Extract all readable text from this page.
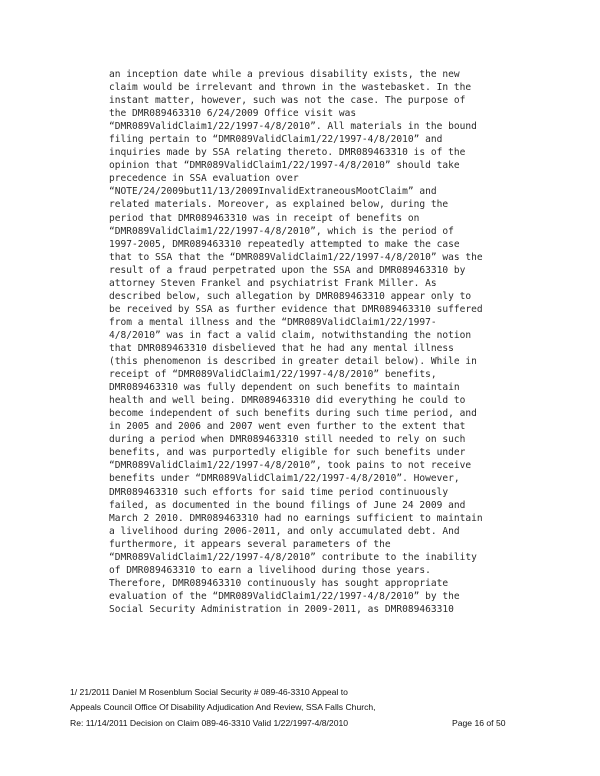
an inception date while a previous disability exists, the new
claim would be irrelevant and thrown in the wastebasket. In the
instant matter, however, such was not the case. The purpose of
the DMR089463310 6/24/2009 Office visit was
“DMR089ValidClaim1/22/1997-4/8/2010”. All materials in the bound
filing pertain to “DMR089ValidClaim1/22/1997-4/8/2010” and
inquiries made by SSA relating thereto. DMR089463310 is of the
opinion that “DMR089ValidClaim1/22/1997-4/8/2010” should take
precedence in SSA evaluation over
“NOTE/24/2009but11/13/2009InvalidExtraneousMootClaim” and
related materials. Moreover, as explained below, during the
period that DMR089463310 was in receipt of benefits on
“DMR089ValidClaim1/22/1997-4/8/2010”, which is the period of
1997-2005, DMR089463310 repeatedly attempted to make the case
that to SSA that the “DMR089ValidClaim1/22/1997-4/8/2010” was the
result of a fraud perpetrated upon the SSA and DMR089463310 by
attorney Steven Frankel and psychiatrist Frank Miller. As
described below, such allegation by DMR089463310 appear only to
be received by SSA as further evidence that DMR089463310 suffered
from a mental illness and the “DMR089ValidClaim1/22/1997-
4/8/2010” was in fact a valid claim, notwithstanding the notion
that DMR089463310 disbelieved that he had any mental illness
(this phenomenon is described in greater detail below). While in
receipt of “DMR089ValidClaim1/22/1997-4/8/2010” benefits,
DMR089463310 was fully dependent on such benefits to maintain
health and well being. DMR089463310 did everything he could to
become independent of such benefits during such time period, and
in 2005 and 2006 and 2007 went even further to the extent that
during a period when DMR089463310 still needed to rely on such
benefits, and was purportedly eligible for such benefits under
“DMR089ValidClaim1/22/1997-4/8/2010”, took pains to not receive
benefits under “DMR089ValidClaim1/22/1997-4/8/2010”. However,
DMR089463310 such efforts for said time period continuously
failed, as documented in the bound filings of June 24 2009 and
March 2 2010. DMR089463310 had no earnings sufficient to maintain
a livelihood during 2006-2011, and only accumulated debt. And
furthermore, it appears several parameters of the
“DMR089ValidClaim1/22/1997-4/8/2010” contribute to the inability
of DMR089463310 to earn a livelihood during those years.
Therefore, DMR089463310 continuously has sought appropriate
evaluation of the “DMR089ValidClaim1/22/1997-4/8/2010” by the
Social Security Administration in 2009-2011, as DMR089463310
1/ 21/2011 Daniel M Rosenblum Social Security # 089-46-3310 Appeal to
Appeals Council Office Of Disability Adjudication And Review, SSA Falls Church,
Re: 11/14/2011 Decision on Claim 089-46-3310 Valid 1/22/1997-4/8/2010	Page 16 of 50
